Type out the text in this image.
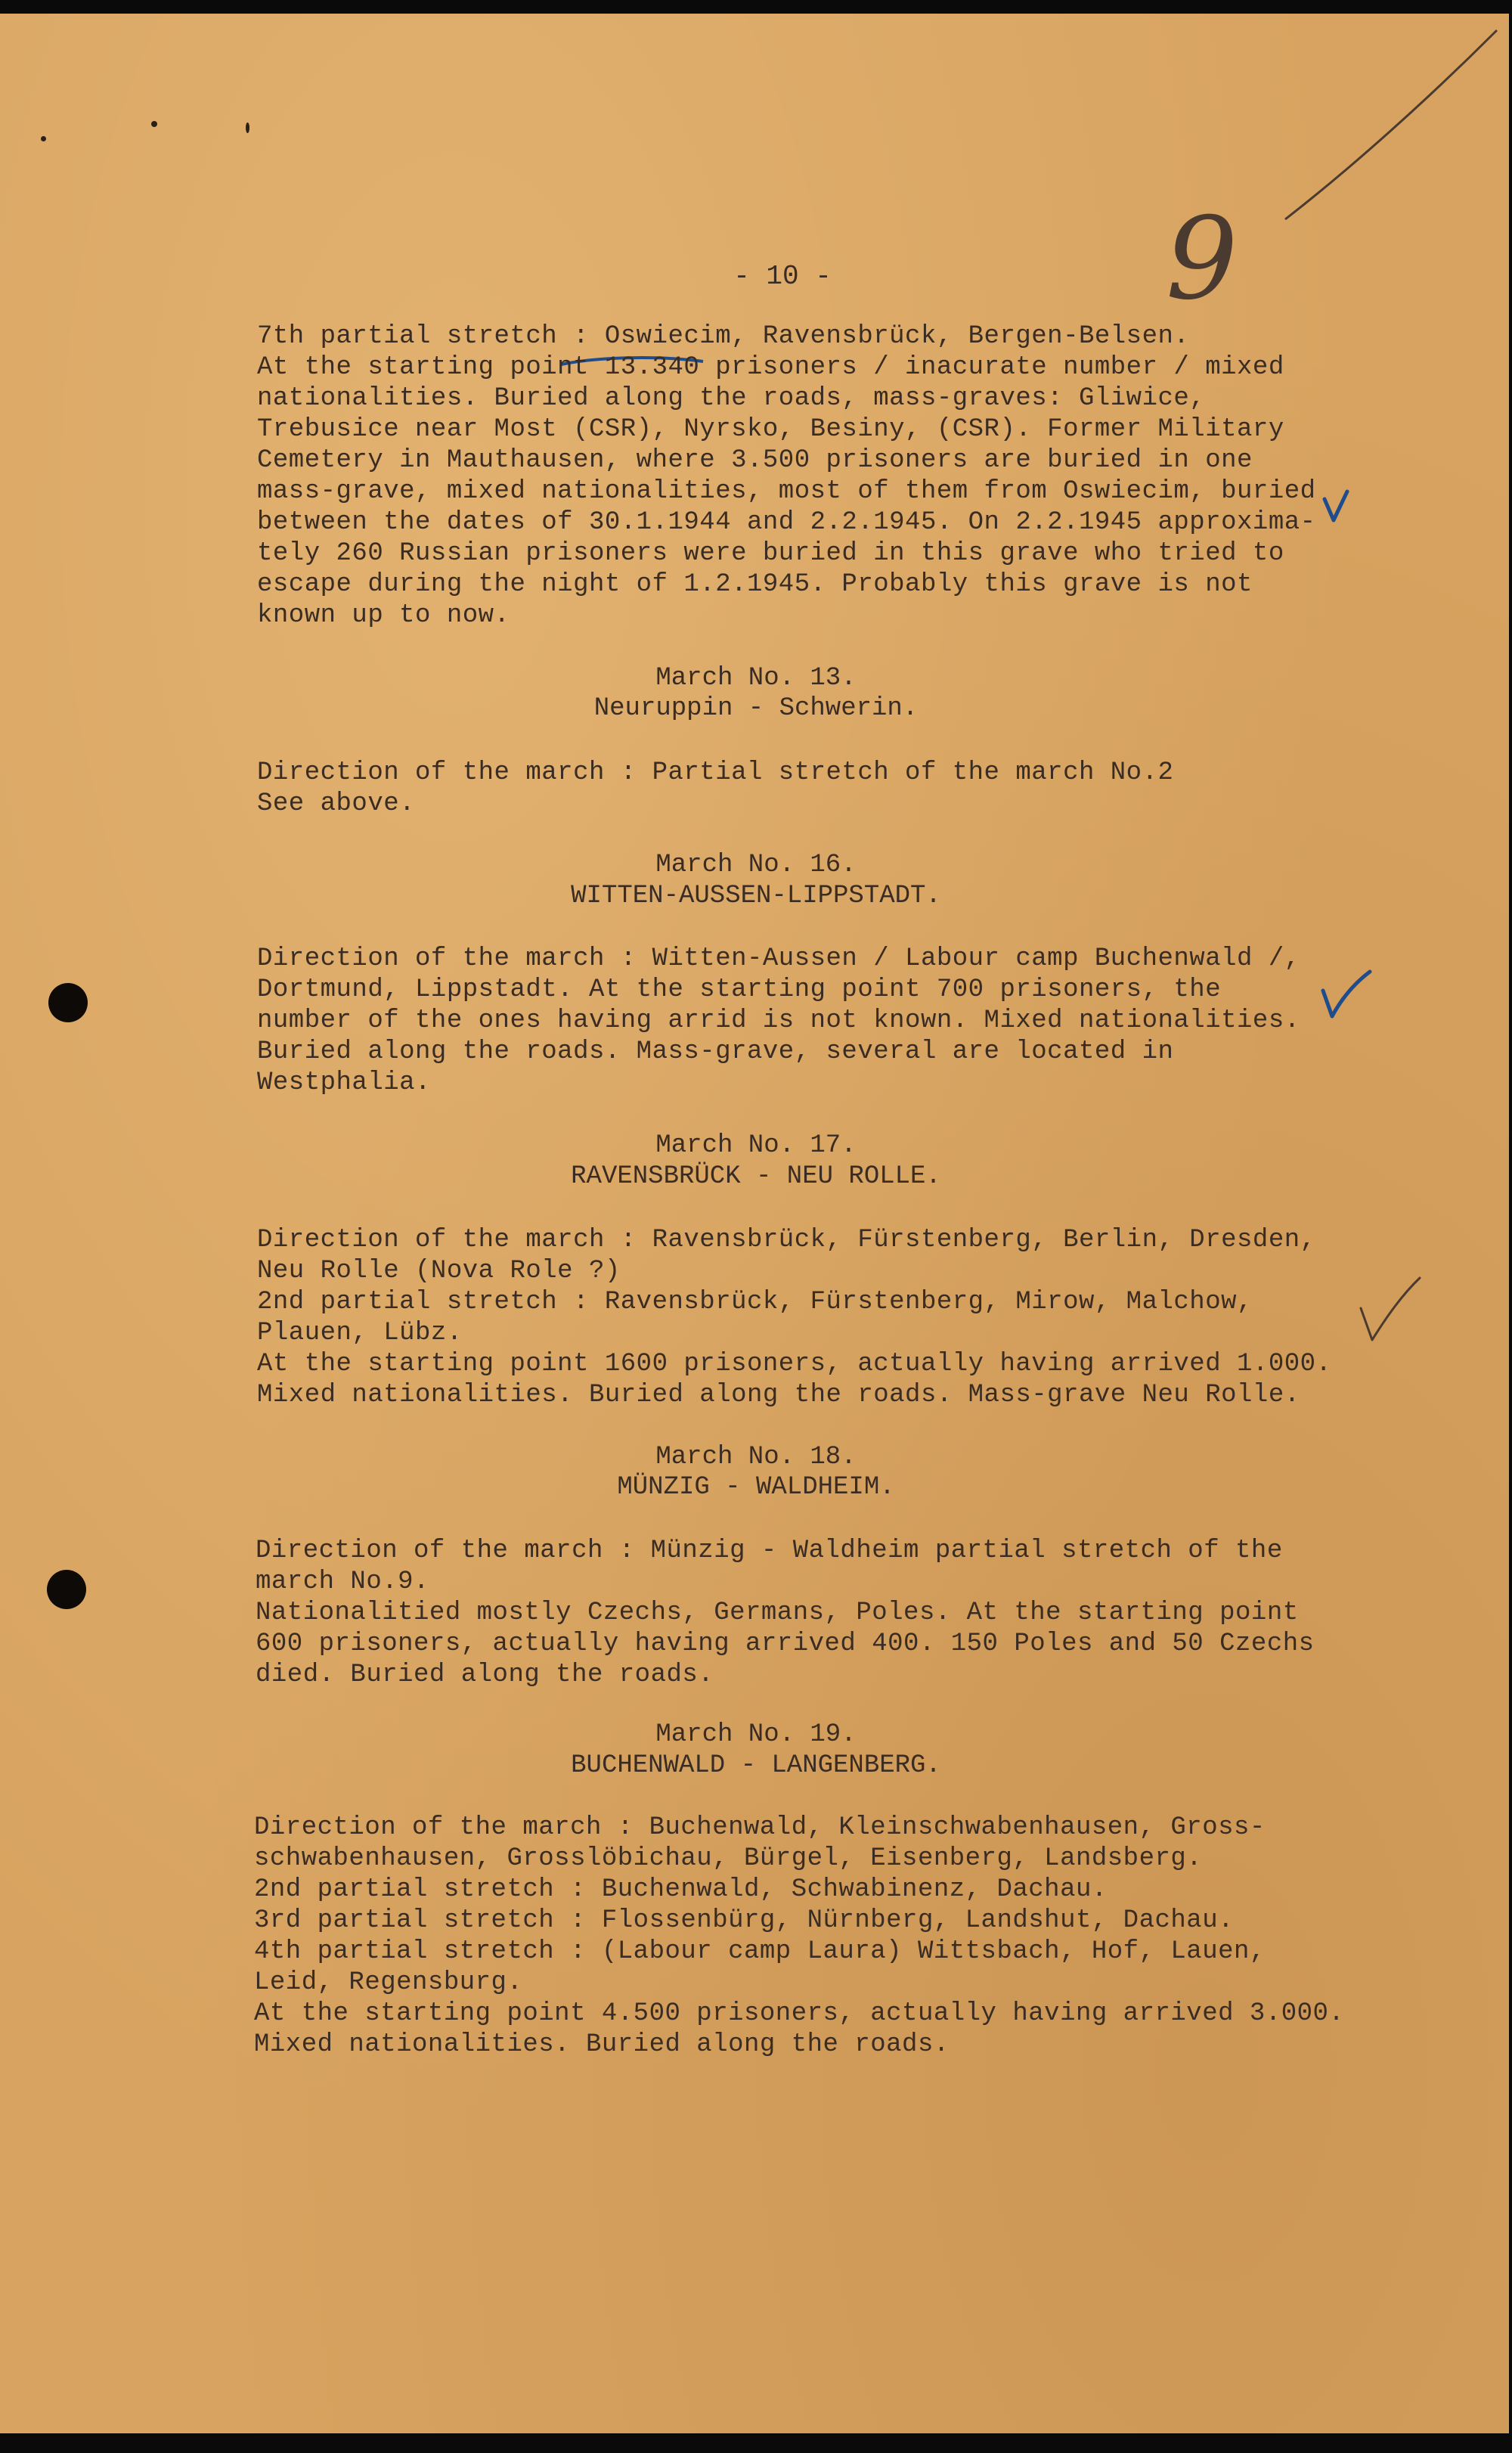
- 10 -	9

7th partial stretch : Oswiecim, Ravensbrück, Bergen-Belsen.

At the starting point 13.340 prisoners / inacurate number / mixed

nationalities. Buried along the roads, mass-graves: Gliwice,

Trebusice near Most (CSR), Nyrsko, Besiny, (CSR). Former Military

Cemetery in Mauthausen, where 3.500 prisoners are buried in one

mass-grave, mixed nationalities, most of them from Oswiecim, buried

between the dates of 30.1.1944 and 2.2.1945. On 2.2.1945 approxima-

tely 260 Russian prisoners were buried in this grave who tried to

escape during the night of 1.2.1945. Probably this grave is not

known up to now.

March No. 13.
Neuruppin - Schwerin.

Direction of the march : Partial stretch of the march No.2

See above.

March No. 16.
WITTEN-AUSSEN-LIPPSTADT.

Direction of the march : Witten-Aussen / Labour camp Buchenwald /,

Dortmund, Lippstadt. At the starting point 700 prisoners, the

number of the ones having arrid is not known. Mixed nationalities.

Buried along the roads. Mass-grave, several are located in

Westphalia.

March No. 17.
RAVENSBRÜCK - NEU ROLLE.

Direction of the march : Ravensbrück, Fürstenberg, Berlin, Dresden,

Neu Rolle (Nova Role ?)

2nd partial stretch : Ravensbrück, Fürstenberg, Mirow, Malchow,

Plauen, Lübz.

At the starting point 1600 prisoners, actually having arrived 1.000.

Mixed nationalities. Buried along the roads. Mass-grave Neu Rolle.

March No. 18.
MÜNZIG - WALDHEIM.

Direction of the march : Münzig - Waldheim partial stretch of the

march No.9.

Nationalitied mostly Czechs, Germans, Poles. At the starting point

600 prisoners, actually having arrived 400. 150 Poles and 50 Czechs

died. Buried along the roads.

March No. 19.
BUCHENWALD - LANGENBERG.

Direction of the march : Buchenwald, Kleinschwabenhausen, Gross-

schwabenhausen, Grosslöbichau, Bürgel, Eisenberg, Landsberg.

2nd partial stretch : Buchenwald, Schwabinenz, Dachau.

3rd partial stretch : Flossenbürg, Nürnberg, Landshut, Dachau.

4th partial stretch : (Labour camp Laura) Wittsbach, Hof, Lauen,

Leid, Regensburg.

At the starting point 4.500 prisoners, actually having arrived 3.000.

Mixed nationalities. Buried along the roads.
